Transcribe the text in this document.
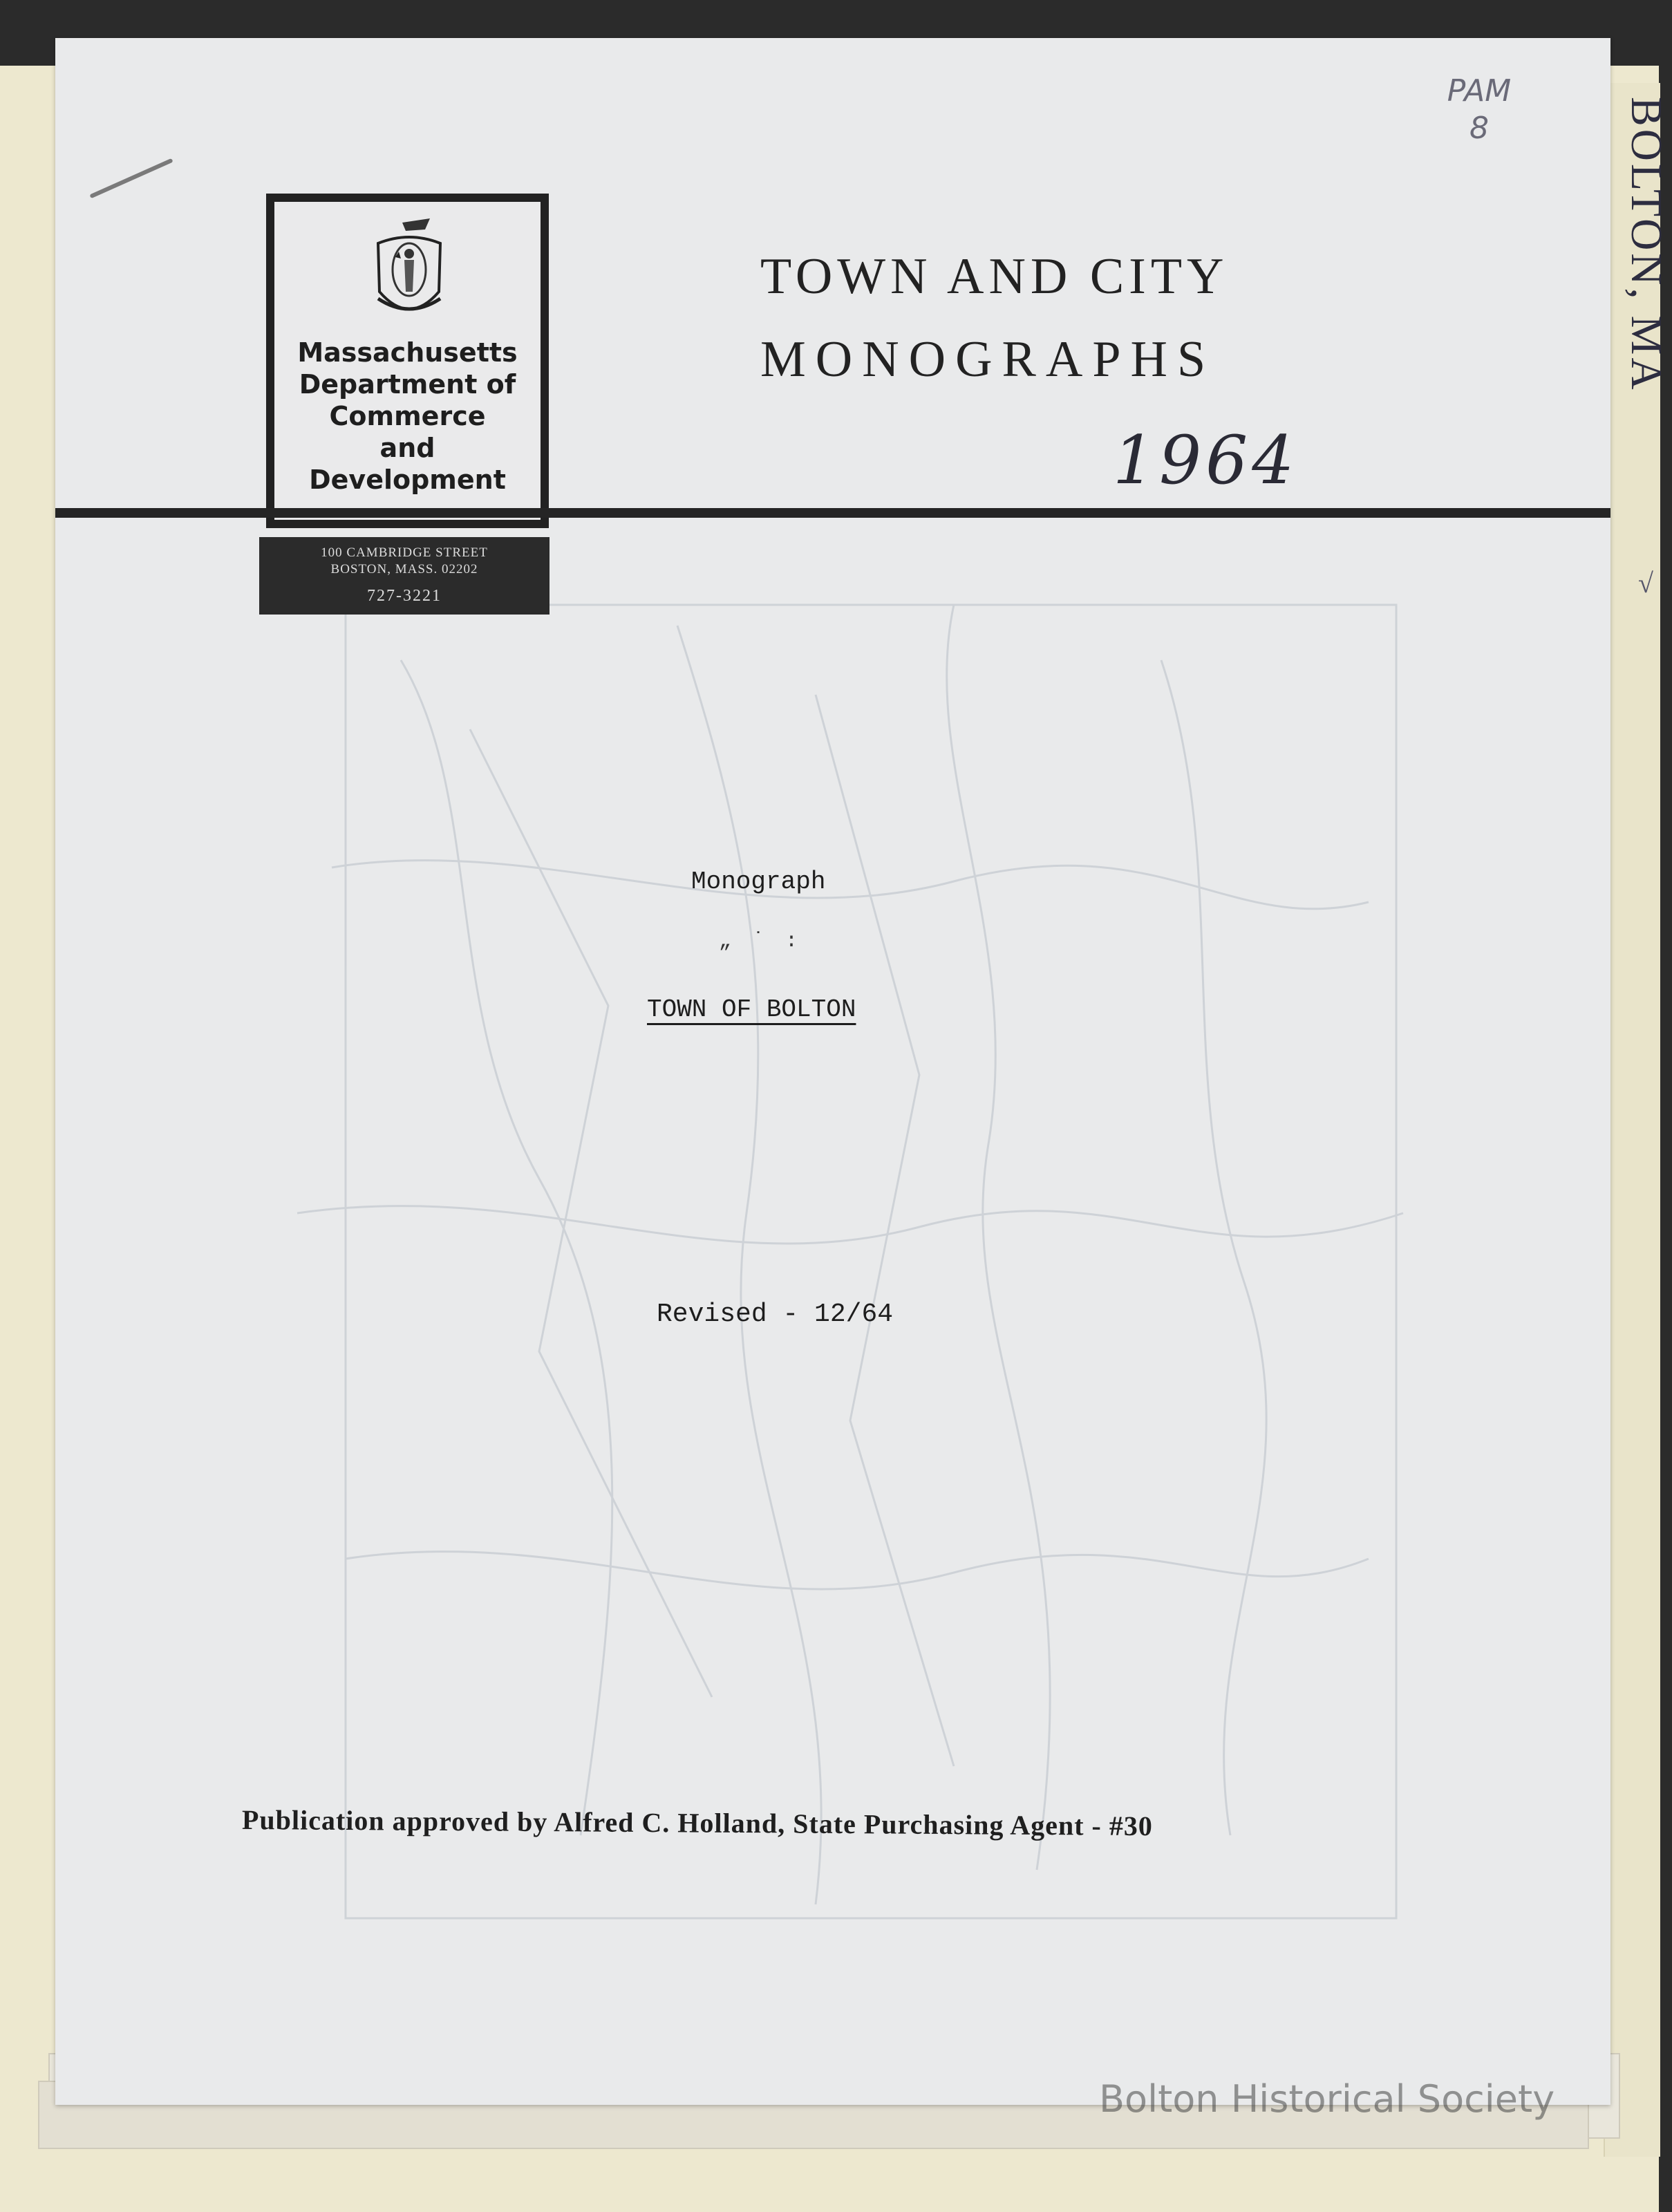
BOLTON, MA
√
PAM
8
Massachusetts
Department of
Commerce
and
Development
100 CAMBRIDGE STREET
BOSTON, MASS. 02202
727-3221
TOWN AND CITY
MONOGRAPHS
1964
Monograph
„ ˙ :
TOWN OF BOLTON
Revised - 12/64
Publication approved by Alfred C. Holland, State Purchasing Agent - #30
Bolton Historical Society
